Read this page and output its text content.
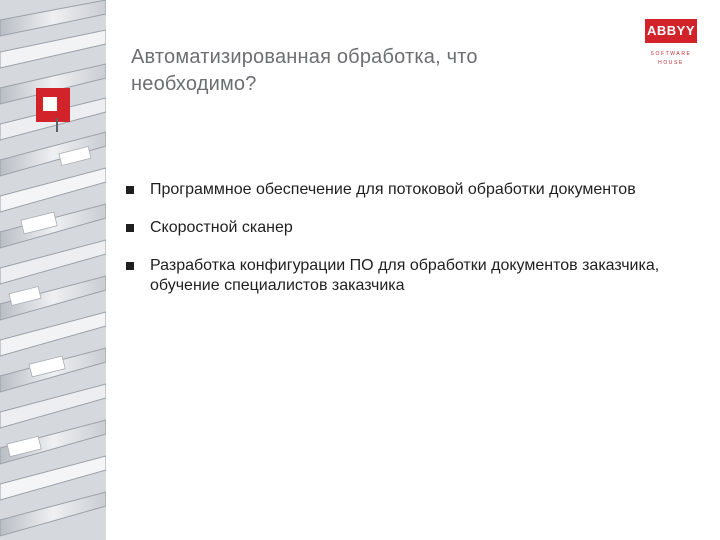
Автоматизированная обработка, что необходимо?
ABBYY
SOFTWARE
HOUSE
Программное обеспечение для потоковой обработки документов
Скоростной сканер
Разработка конфигурации ПО для обработки документов заказчика, обучение специалистов заказчика
